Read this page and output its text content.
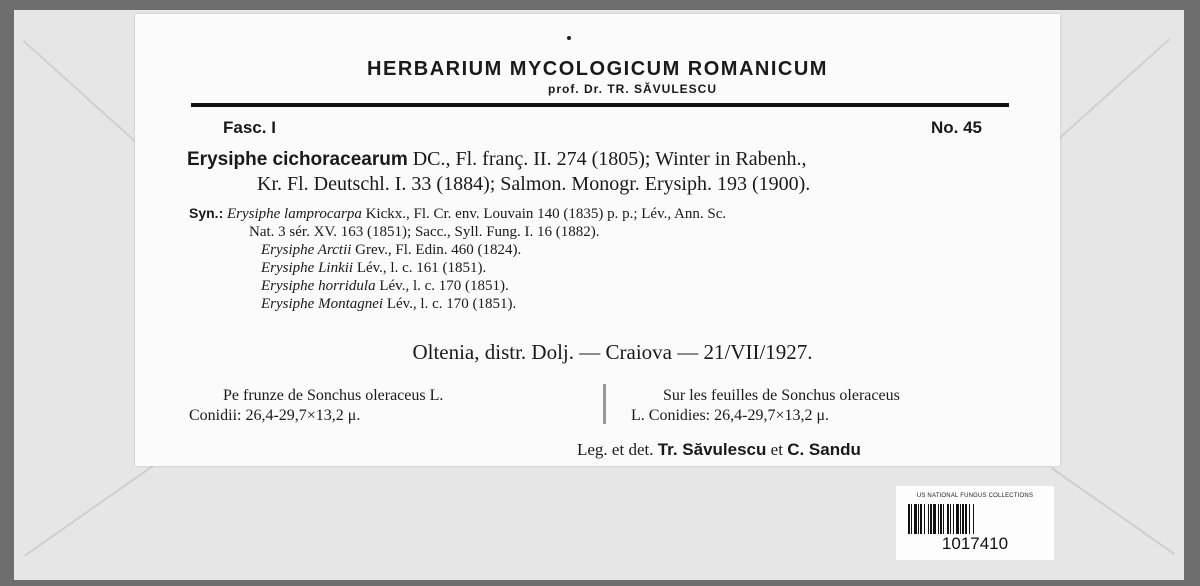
HERBARIUM MYCOLOGICUM ROMANICUM
prof. Dr. TR. SĂVULESCU
Fasc. I	No. 45
Erysiphe cichoracearum DC., Fl. franç. II. 274 (1805); Winter in Rabenh.,
Kr. Fl. Deutschl. I. 33 (1884); Salmon. Monogr. Erysiph. 193 (1900).
Syn.: Erysiphe lamprocarpa Kickx., Fl. Cr. env. Louvain 140 (1835) p. p.; Lév., Ann. Sc.
Nat. 3 sér. XV. 163 (1851); Sacc., Syll. Fung. I. 16 (1882).
Erysiphe Arctii Grev., Fl. Edin. 460 (1824).
Erysiphe Linkii Lév., l. c. 161 (1851).
Erysiphe horridula Lév., l. c. 170 (1851).
Erysiphe Montagnei Lév., l. c. 170 (1851).
Oltenia, distr. Dolj. — Craiova — 21/VII/1927.
Pe frunze de Sonchus oleraceus L.
Conidii: 26,4-29,7×13,2 μ.
Sur les feuilles de Sonchus oleraceus
L. Conidies: 26,4-29,7×13,2 μ.
Leg. et det. Tr. Săvulescu et C. Sandu
US NATIONAL FUNGUS COLLECTIONS
1017410
